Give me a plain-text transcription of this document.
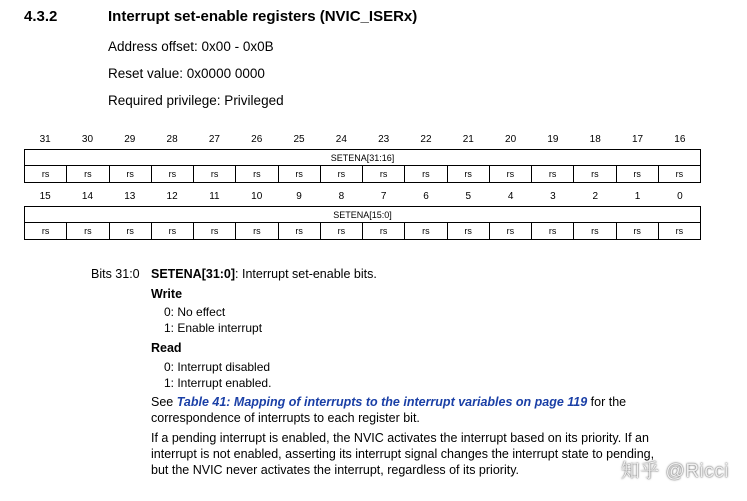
4.3.2	Interrupt set-enable registers (NVIC_ISERx)
Address offset: 0x00 - 0x0B
Reset value: 0x0000 0000
Required privilege: Privileged
31	30	29	28	27	26	25	24	23	22	21	20	19	18	17	16
SETENA[31:16]
rs	rs	rs	rs	rs	rs	rs	rs	rs	rs	rs	rs	rs	rs	rs	rs
15	14	13	12	11	10	9	8	7	6	5	4	3	2	1	0
SETENA[15:0]
rs	rs	rs	rs	rs	rs	rs	rs	rs	rs	rs	rs	rs	rs	rs	rs
Bits 31:0 SETENA[31:0]: Interrupt set-enable bits.
Write
0: No effect
1: Enable interrupt
Read
0: Interrupt disabled
1: Interrupt enabled.
See Table 41: Mapping of interrupts to the interrupt variables on page 119 for the
correspondence of interrupts to each register bit.
If a pending interrupt is enabled, the NVIC activates the interrupt based on its priority. If an
interrupt is not enabled, asserting its interrupt signal changes the interrupt state to pending,
but the NVIC never activates the interrupt, regardless of its priority.	知乎 @Ricci
